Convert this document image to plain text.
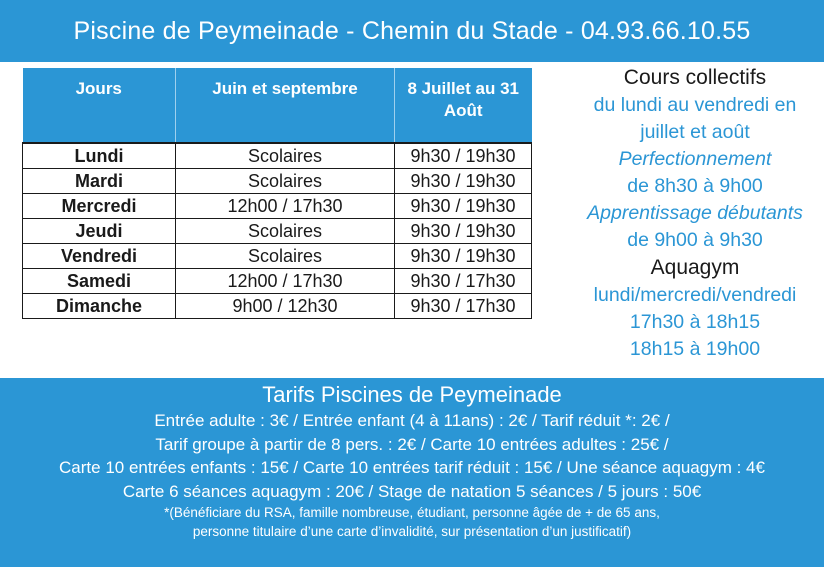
Piscine de Peymeinade - Chemin du Stade - 04.93.66.10.55
Jours	Juin et septembre	8 Juillet au 31 Août
Lundi	Scolaires	9h30 / 19h30
Mardi	Scolaires	9h30 / 19h30
Mercredi	12h00 / 17h30	9h30 / 19h30
Jeudi	Scolaires	9h30 / 19h30
Vendredi	Scolaires	9h30 / 19h30
Samedi	12h00 / 17h30	9h30 / 17h30
Dimanche	9h00 / 12h30	9h30 / 17h30
Cours collectifs
du lundi au vendredi en
juillet et août
Perfectionnement
de 8h30 à 9h00
Apprentissage débutants
de 9h00 à 9h30
Aquagym
lundi/mercredi/vendredi
17h30 à 18h15
18h15 à 19h00
Tarifs Piscines de Peymeinade
Entrée adulte : 3€ / Entrée enfant (4 à 11ans) : 2€ / Tarif réduit *: 2€ /
Tarif groupe à partir de 8 pers. : 2€ / Carte 10 entrées adultes : 25€ /
Carte 10 entrées enfants : 15€ / Carte 10 entrées tarif réduit : 15€ / Une séance aquagym : 4€
Carte 6 séances aquagym : 20€ / Stage de natation 5 séances / 5 jours : 50€
*(Bénéficiare du RSA, famille nombreuse, étudiant, personne âgée de + de 65 ans,
personne titulaire d’une carte d’invalidité, sur présentation d’un justificatif)
